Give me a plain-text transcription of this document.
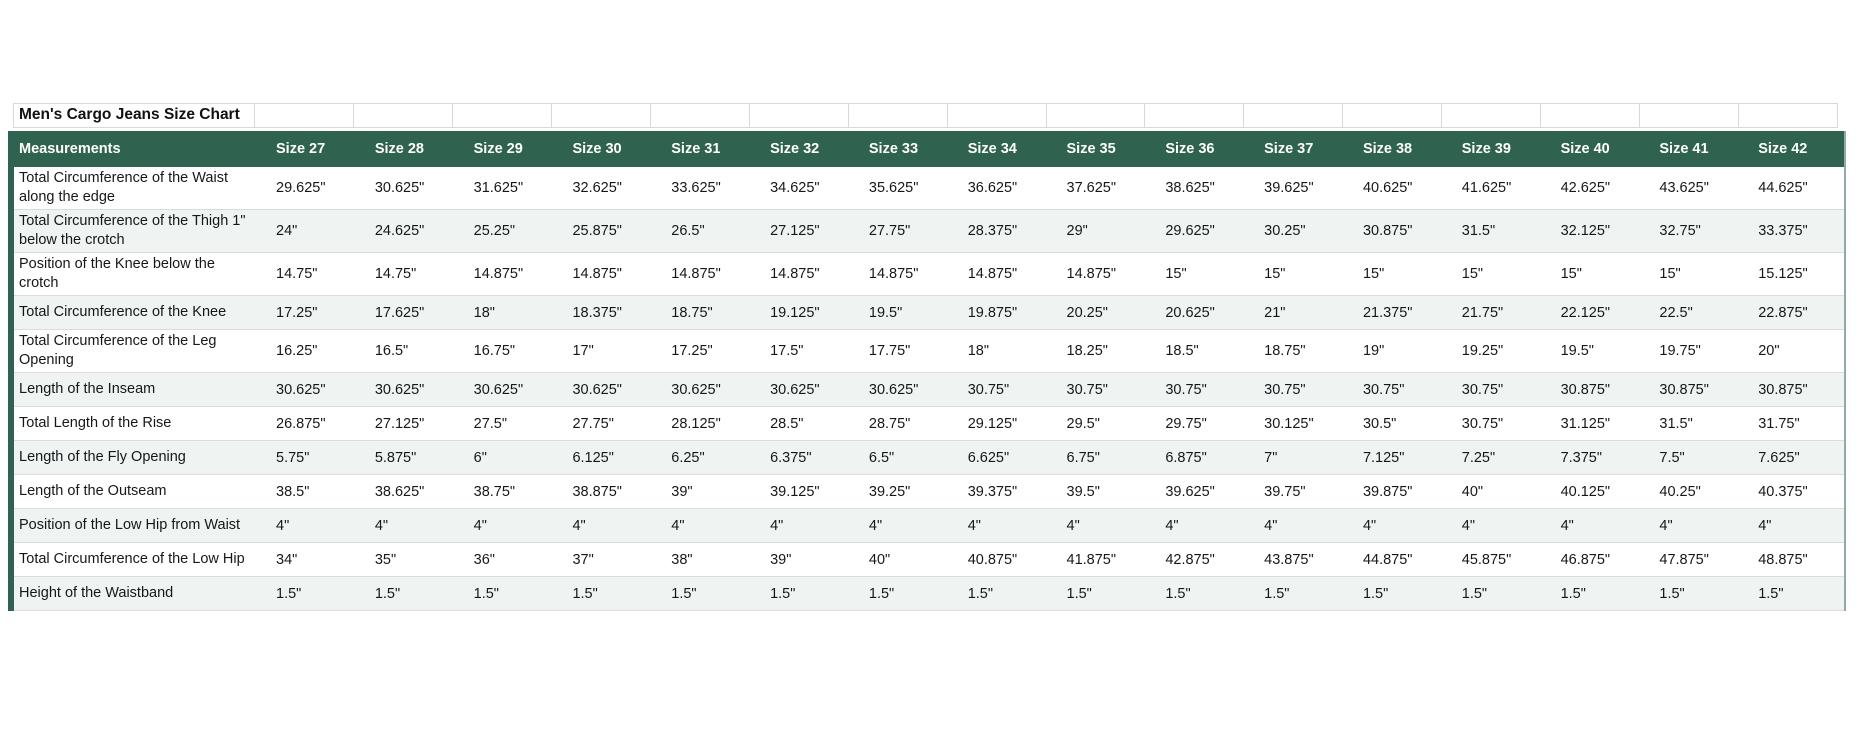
Men's Cargo Jeans Size Chart
Measurements	Size 27	Size 28	Size 29	Size 30	Size 31	Size 32	Size 33	Size 34	Size 35	Size 36	Size 37	Size 38	Size 39	Size 40	Size 41	Size 42
Total Circumference of the Waist along the edge	29.625"	30.625"	31.625"	32.625"	33.625"	34.625"	35.625"	36.625"	37.625"	38.625"	39.625"	40.625"	41.625"	42.625"	43.625"	44.625"
Total Circumference of the Thigh 1" below the crotch	24"	24.625"	25.25"	25.875"	26.5"	27.125"	27.75"	28.375"	29"	29.625"	30.25"	30.875"	31.5"	32.125"	32.75"	33.375"
Position of the Knee below the crotch	14.75"	14.75"	14.875"	14.875"	14.875"	14.875"	14.875"	14.875"	14.875"	15"	15"	15"	15"	15"	15"	15.125"
Total Circumference of the Knee	17.25"	17.625"	18"	18.375"	18.75"	19.125"	19.5"	19.875"	20.25"	20.625"	21"	21.375"	21.75"	22.125"	22.5"	22.875"
Total Circumference of the Leg Opening	16.25"	16.5"	16.75"	17"	17.25"	17.5"	17.75"	18"	18.25"	18.5"	18.75"	19"	19.25"	19.5"	19.75"	20"
Length of the Inseam	30.625"	30.625"	30.625"	30.625"	30.625"	30.625"	30.625"	30.75"	30.75"	30.75"	30.75"	30.75"	30.75"	30.875"	30.875"	30.875"
Total Length of the Rise	26.875"	27.125"	27.5"	27.75"	28.125"	28.5"	28.75"	29.125"	29.5"	29.75"	30.125"	30.5"	30.75"	31.125"	31.5"	31.75"
Length of the Fly Opening	5.75"	5.875"	6"	6.125"	6.25"	6.375"	6.5"	6.625"	6.75"	6.875"	7"	7.125"	7.25"	7.375"	7.5"	7.625"
Length of the Outseam	38.5"	38.625"	38.75"	38.875"	39"	39.125"	39.25"	39.375"	39.5"	39.625"	39.75"	39.875"	40"	40.125"	40.25"	40.375"
Position of the Low Hip from Waist	4"	4"	4"	4"	4"	4"	4"	4"	4"	4"	4"	4"	4"	4"	4"	4"
Total Circumference of the Low Hip	34"	35"	36"	37"	38"	39"	40"	40.875"	41.875"	42.875"	43.875"	44.875"	45.875"	46.875"	47.875"	48.875"
Height of the Waistband	1.5"	1.5"	1.5"	1.5"	1.5"	1.5"	1.5"	1.5"	1.5"	1.5"	1.5"	1.5"	1.5"	1.5"	1.5"	1.5"
